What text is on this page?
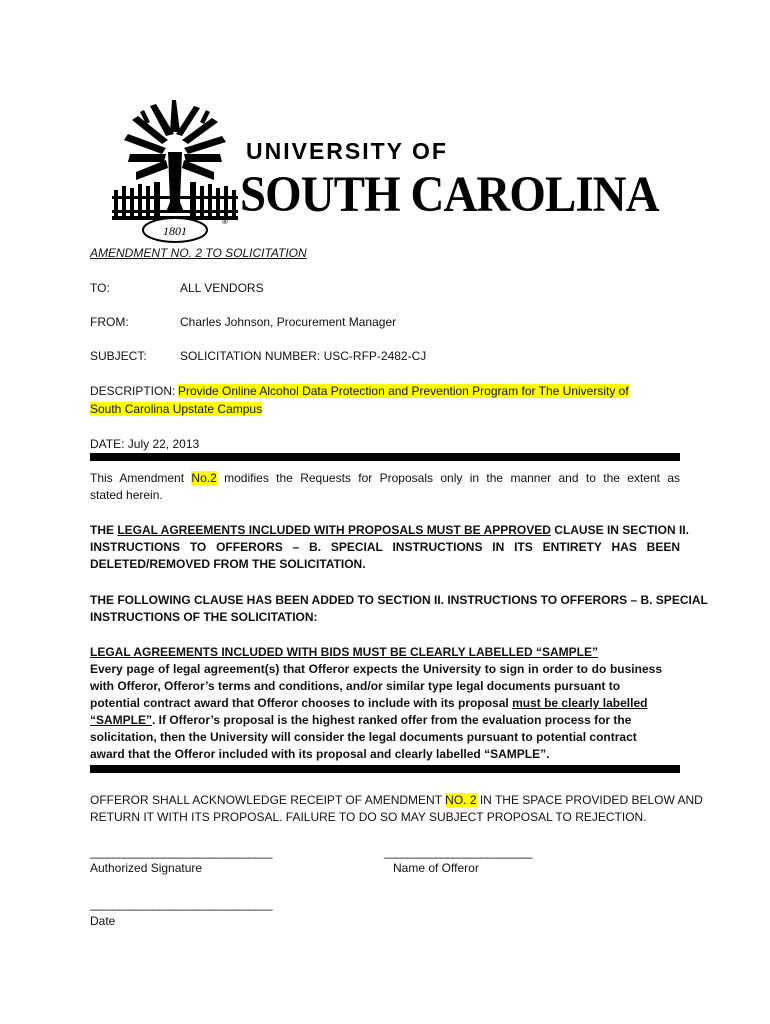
1801
®
UNIVERSITY OF
SOUTH CAROLINA
AMENDMENT NO. 2 TO SOLICITATION
TO:	ALL VENDORS
FROM:	Charles Johnson, Procurement Manager
SUBJECT:	SOLICITATION NUMBER: USC-RFP-2482-CJ
DESCRIPTION: Provide Online Alcohol Data Protection and Prevention Program for The University of
South Carolina Upstate Campus
DATE: July 22, 2013
This Amendment No.2 modifies the Requests for Proposals only in the manner and to the extent as
stated herein.
THE LEGAL AGREEMENTS INCLUDED WITH PROPOSALS MUST BE APPROVED CLAUSE IN SECTION II.
INSTRUCTIONS TO OFFERORS – B. SPECIAL INSTRUCTIONS IN ITS ENTIRETY HAS BEEN
DELETED/REMOVED FROM THE SOLICITATION.
THE FOLLOWING CLAUSE HAS BEEN ADDED TO SECTION II. INSTRUCTIONS TO OFFERORS – B. SPECIAL
INSTRUCTIONS OF THE SOLICITATION:
LEGAL AGREEMENTS INCLUDED WITH BIDS MUST BE CLEARLY LABELLED “SAMPLE”
Every page of legal agreement(s) that Offeror expects the University to sign in order to do business
with Offeror, Offeror’s terms and conditions, and/or similar type legal documents pursuant to
potential contract award that Offeror chooses to include with its proposal must be clearly labelled
“SAMPLE”. If Offeror’s proposal is the highest ranked offer from the evaluation process for the
solicitation, then the University will consider the legal documents pursuant to potential contract
award that the Offeror included with its proposal and clearly labelled “SAMPLE”.
OFFEROR SHALL ACKNOWLEDGE RECEIPT OF AMENDMENT NO. 2 IN THE SPACE PROVIDED BELOW AND
RETURN IT WITH ITS PROPOSAL. FAILURE TO DO SO MAY SUBJECT PROPOSAL TO REJECTION.
________________________________	__________________________
Authorized Signature	Name of Offeror
________________________________
Date
